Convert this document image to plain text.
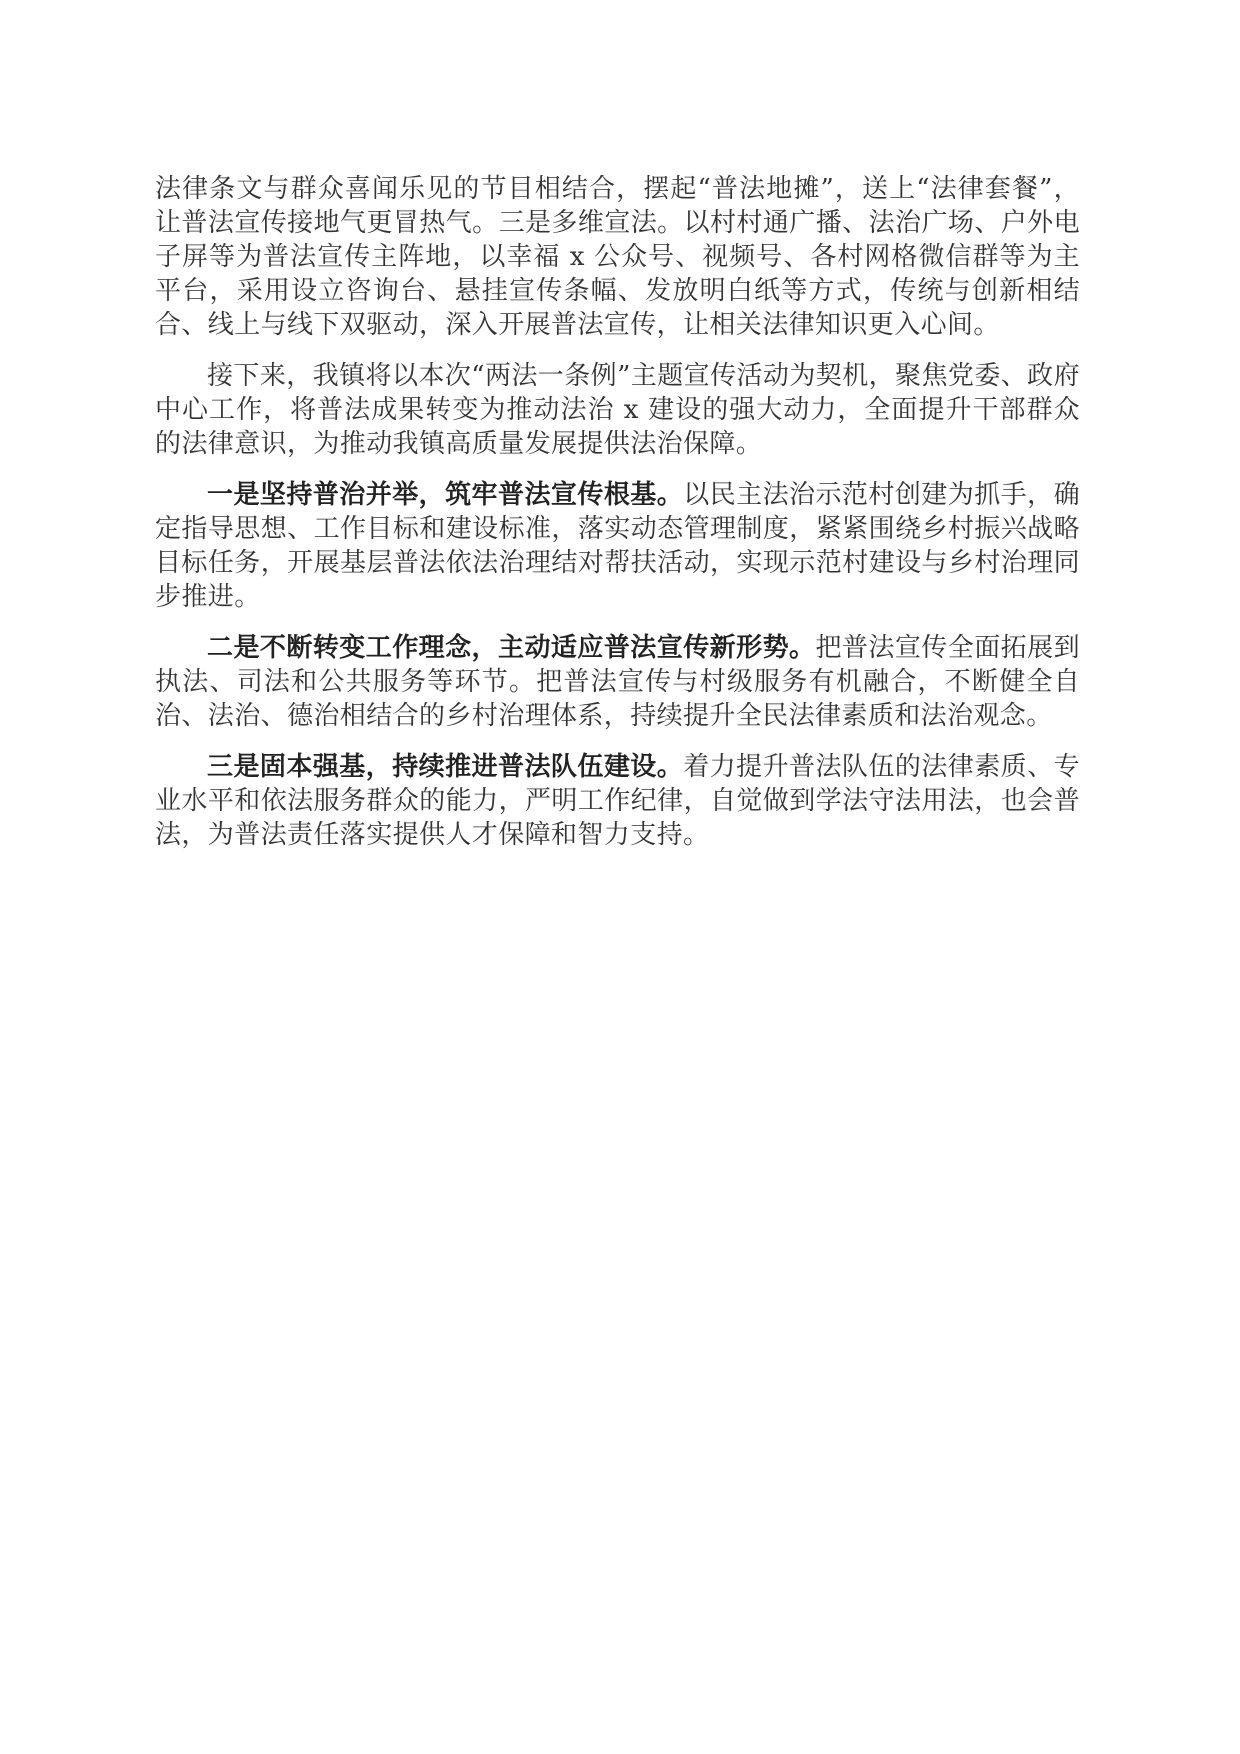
法律条文与群众喜闻乐见的节目相结合，摆起“普法地摊”，送上“法律套餐”，让普法宣传接地气更冒热气。三是多维宣法。以村村通广播、法治广场、户外电子屏等为普法宣传主阵地，以幸福 x 公众号、视频号、各村网格微信群等为主平台，采用设立咨询台、悬挂宣传条幅、发放明白纸等方式，传统与创新相结合、线上与线下双驱动，深入开展普法宣传，让相关法律知识更入心间。

接下来，我镇将以本次“两法一条例”主题宣传活动为契机，聚焦党委、政府中心工作，将普法成果转变为推动法治 x 建设的强大动力，全面提升干部群众的法律意识，为推动我镇高质量发展提供法治保障。

一是坚持普治并举，筑牢普法宣传根基。以民主法治示范村创建为抓手，确定指导思想、工作目标和建设标准，落实动态管理制度，紧紧围绕乡村振兴战略目标任务，开展基层普法依法治理结对帮扶活动，实现示范村建设与乡村治理同步推进。

二是不断转变工作理念，主动适应普法宣传新形势。把普法宣传全面拓展到执法、司法和公共服务等环节。把普法宣传与村级服务有机融合，不断健全自治、法治、德治相结合的乡村治理体系，持续提升全民法律素质和法治观念。

三是固本强基，持续推进普法队伍建设。着力提升普法队伍的法律素质、专业水平和依法服务群众的能力，严明工作纪律，自觉做到学法守法用法，也会普法，为普法责任落实提供人才保障和智力支持。
